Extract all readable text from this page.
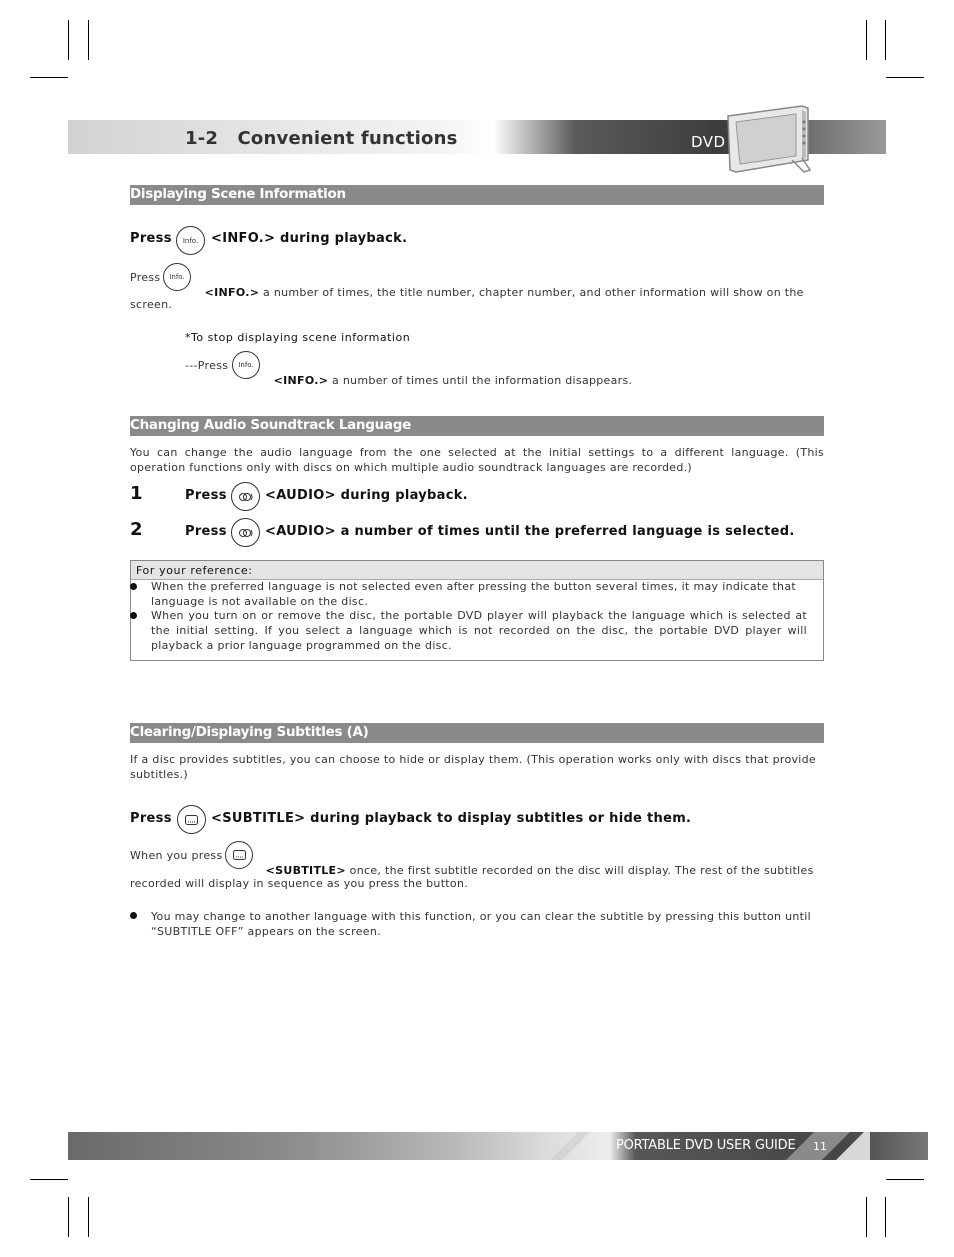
1-2   Convenient functions	DVD
Displaying Scene Information
Press Info. <INFO.> during playback.
Press Info.

<INFO.> a number of times, the title number, chapter number, and other information will show on the

screen.
*To stop displaying scene information
---Press Info.

<INFO.> a number of times until the information disappears.

Changing Audio Soundtrack Language
You can change the audio language from the one selected at the initial settings to a different language. (This operation functions only with discs on which multiple audio soundtrack languages are recorded.)
1	Press	<AUDIO> during playback.
2	Press	<AUDIO> a number of times until the preferred language is selected.
For your reference:
When the preferred language is not selected even after pressing the button several times, it may indicate that language is not available on the disc.
When you turn on or remove the disc, the portable DVD player will playback the language which is selected at the initial setting. If you select a language which is not recorded on the disc, the portable DVD player will playback a prior language programmed on the disc.
Clearing/Displaying Subtitles (A)
If a disc provides subtitles, you can choose to hide or display them. (This operation works only with discs that provide subtitles.)
Press	<SUBTITLE> during playback to display subtitles or hide them.
When you press

<SUBTITLE> once, the first subtitle recorded on the disc will display. The rest of the subtitles

recorded will display in sequence as you press the button.
You may change to another language with this function, or you can clear the subtitle by pressing this button until “SUBTITLE OFF” appears on the screen.
PORTABLE DVD USER GUIDE 11
